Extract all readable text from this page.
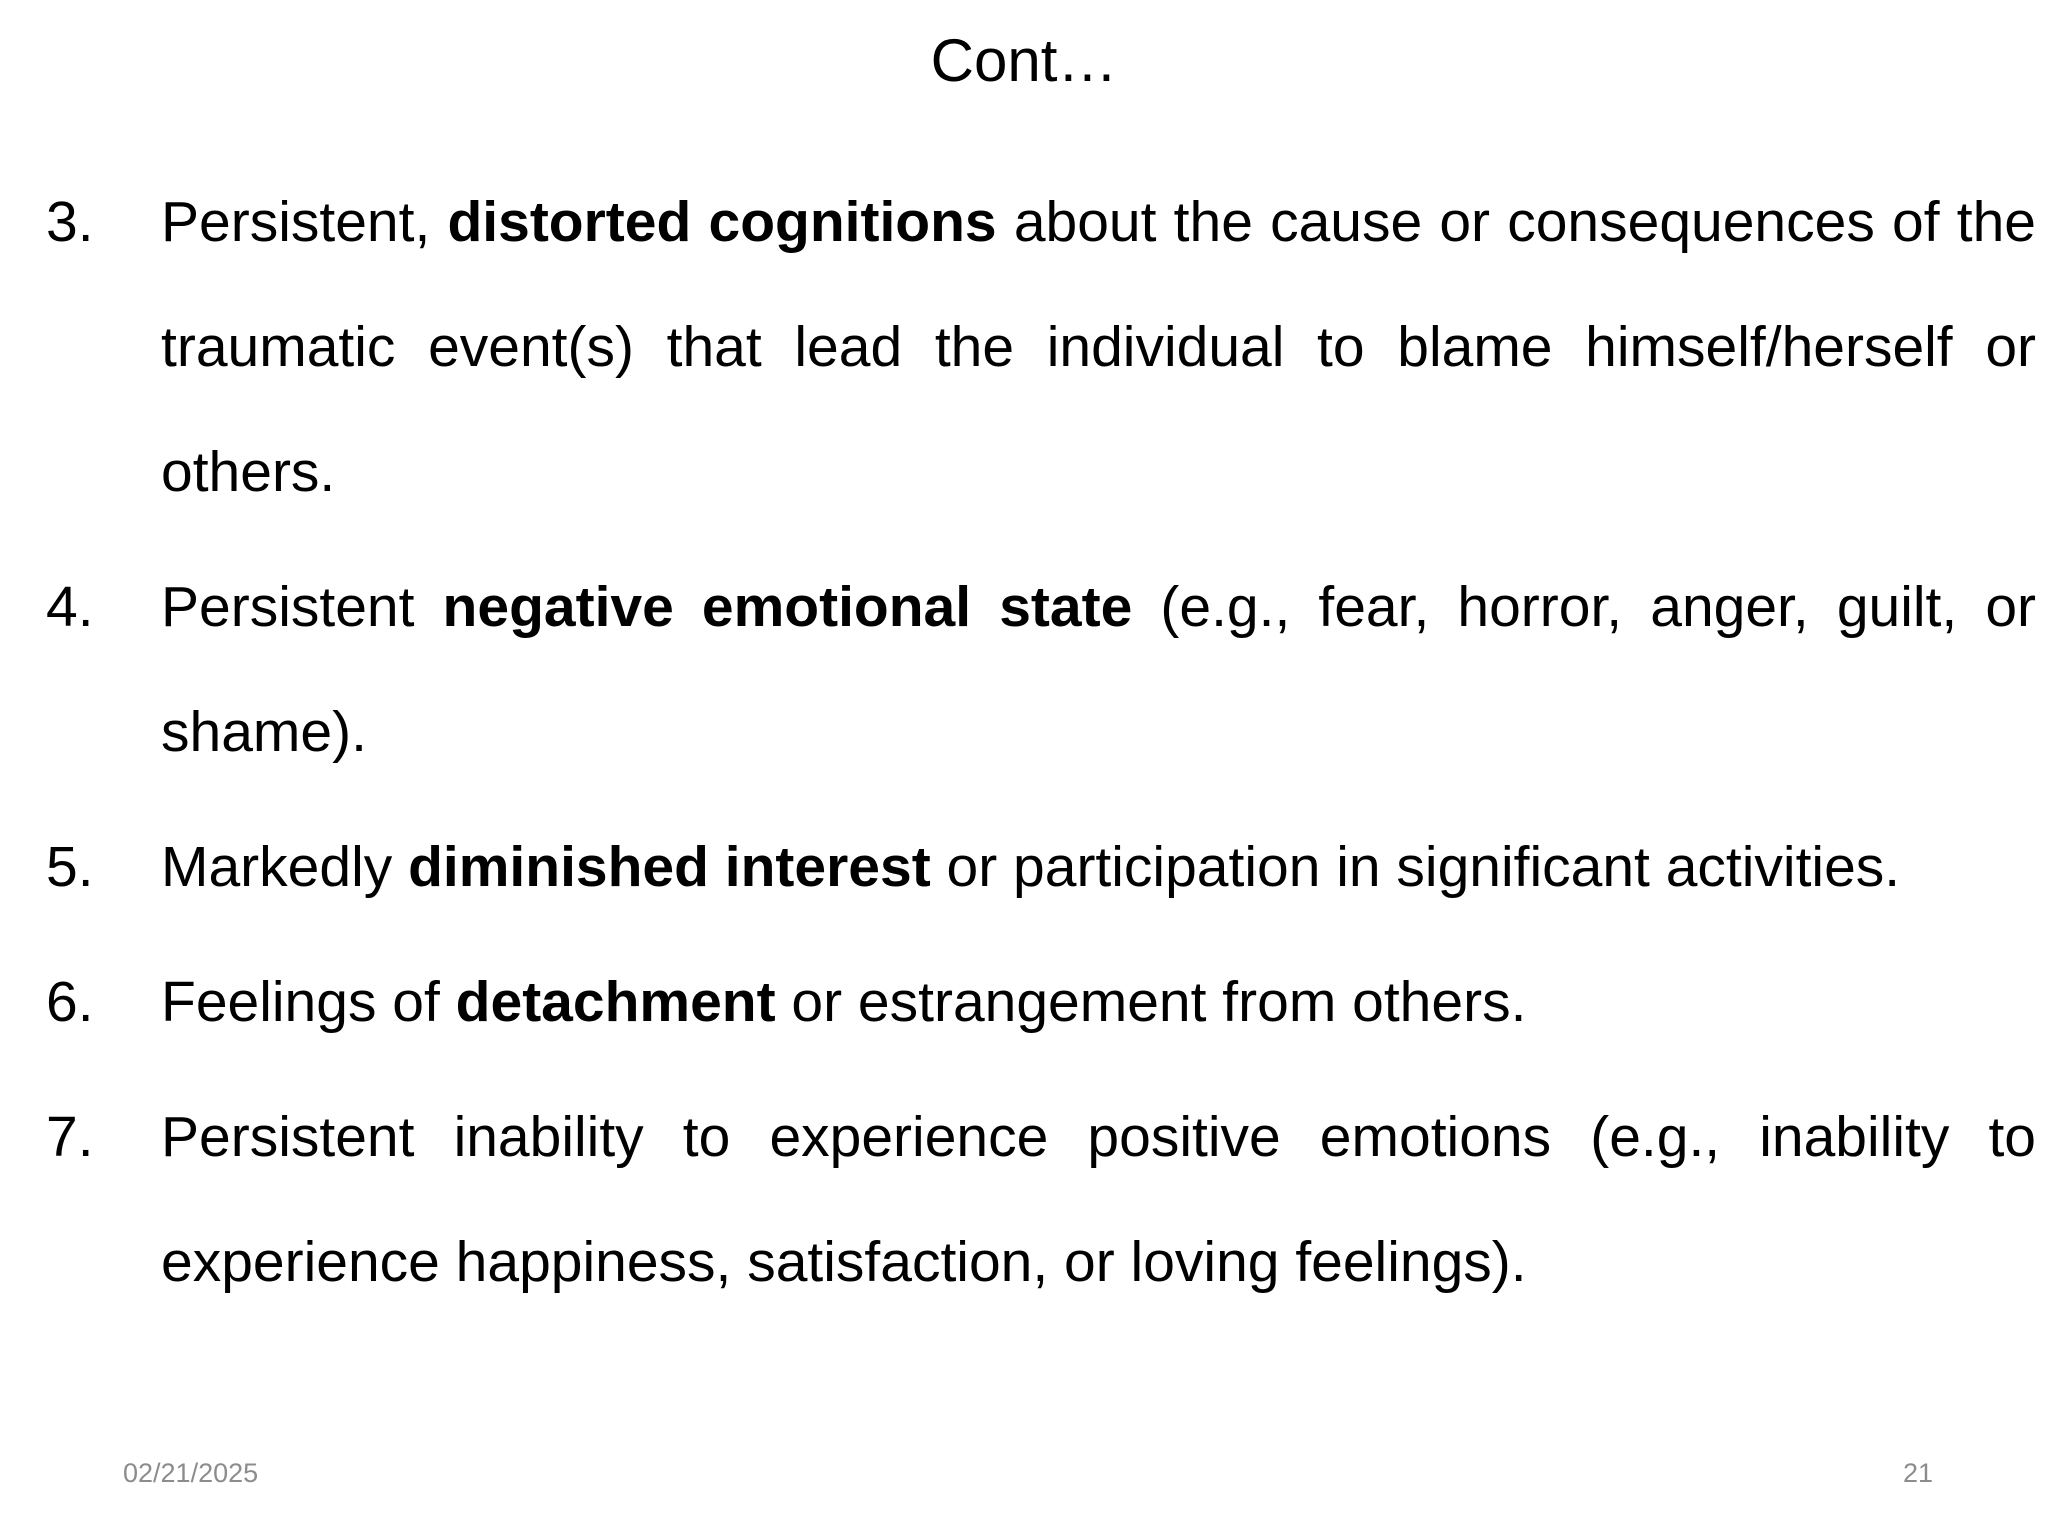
Cont…
3. Persistent, distorted cognitions about the cause or consequences of the traumatic event(s) that lead the individual to blame himself/herself or others.
4. Persistent negative emotional state (e.g., fear, horror, anger, guilt, or shame).
5. Markedly diminished interest or participation in significant activities.
6. Feelings of detachment or estrangement from others.
7. Persistent inability to experience positive emotions (e.g., inability to experience happiness, satisfaction, or loving feelings).
02/21/2025	21
